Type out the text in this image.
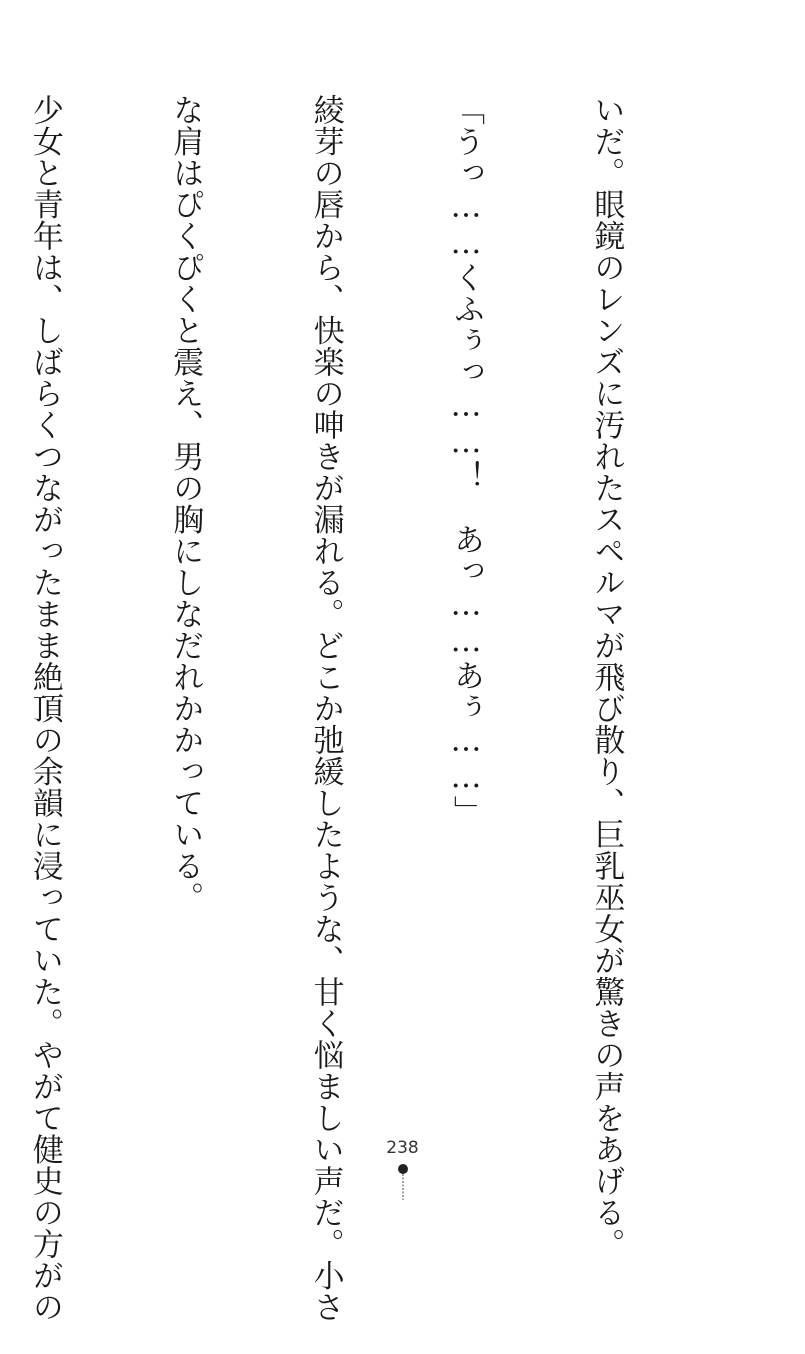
いだ。眼鏡のレンズに汚れたスペルマが飛び散り、巨乳巫女が驚きの声をあげる。

「うっ……くふぅっ……！　あっ……あぅ……」

綾芽の唇から、快楽の呻きが漏れる。どこか弛緩したような、甘く悩ましい声だ。小さ

な肩はぴくぴくと震え、男の胸にしなだれかかっている。

少女と青年は、しばらくつながったまま絶頂の余韻に浸っていた。やがて健史の方がの

	238
